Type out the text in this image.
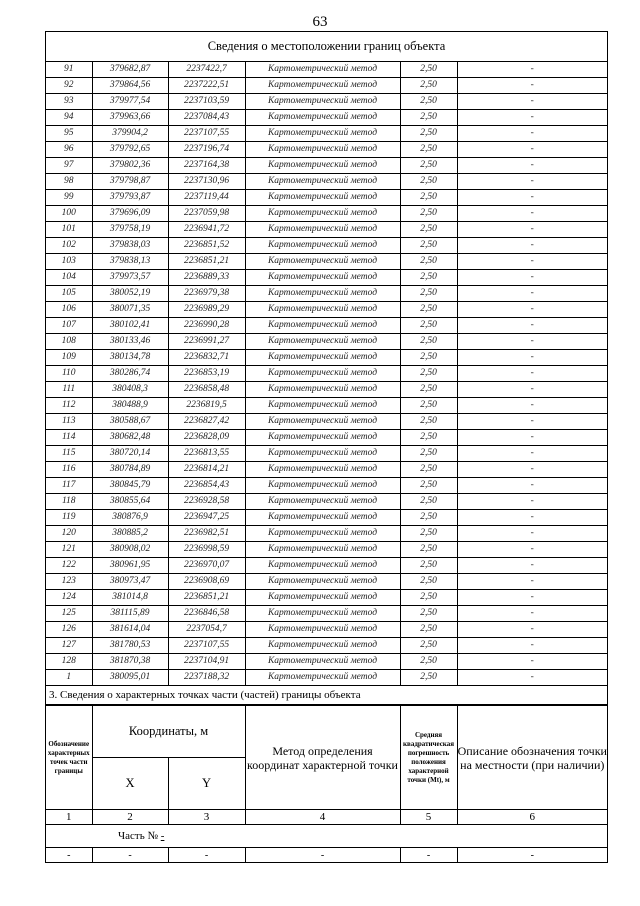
63
Сведения о местоположении границ объекта
91	379682,87	2237422,7	Картометрический метод	2,50	-
92	379864,56	2237222,51	Картометрический метод	2,50	-
93	379977,54	2237103,59	Картометрический метод	2,50	-
94	379963,66	2237084,43	Картометрический метод	2,50	-
95	379904,2	2237107,55	Картометрический метод	2,50	-
96	379792,65	2237196,74	Картометрический метод	2,50	-
97	379802,36	2237164,38	Картометрический метод	2,50	-
98	379798,87	2237130,96	Картометрический метод	2,50	-
99	379793,87	2237119,44	Картометрический метод	2,50	-
100	379696,09	2237059,98	Картометрический метод	2,50	-
101	379758,19	2236941,72	Картометрический метод	2,50	-
102	379838,03	2236851,52	Картометрический метод	2,50	-
103	379838,13	2236851,21	Картометрический метод	2,50	-
104	379973,57	2236889,33	Картометрический метод	2,50	-
105	380052,19	2236979,38	Картометрический метод	2,50	-
106	380071,35	2236989,29	Картометрический метод	2,50	-
107	380102,41	2236990,28	Картометрический метод	2,50	-
108	380133,46	2236991,27	Картометрический метод	2,50	-
109	380134,78	2236832,71	Картометрический метод	2,50	-
110	380286,74	2236853,19	Картометрический метод	2,50	-
111	380408,3	2236858,48	Картометрический метод	2,50	-
112	380488,9	2236819,5	Картометрический метод	2,50	-
113	380588,67	2236827,42	Картометрический метод	2,50	-
114	380682,48	2236828,09	Картометрический метод	2,50	-
115	380720,14	2236813,55	Картометрический метод	2,50	-
116	380784,89	2236814,21	Картометрический метод	2,50	-
117	380845,79	2236854,43	Картометрический метод	2,50	-
118	380855,64	2236928,58	Картометрический метод	2,50	-
119	380876,9	2236947,25	Картометрический метод	2,50	-
120	380885,2	2236982,51	Картометрический метод	2,50	-
121	380908,02	2236998,59	Картометрический метод	2,50	-
122	380961,95	2236970,07	Картометрический метод	2,50	-
123	380973,47	2236908,69	Картометрический метод	2,50	-
124	381014,8	2236851,21	Картометрический метод	2,50	-
125	381115,89	2236846,58	Картометрический метод	2,50	-
126	381614,04	2237054,7	Картометрический метод	2,50	-
127	381780,53	2237107,55	Картометрический метод	2,50	-
128	381870,38	2237104,91	Картометрический метод	2,50	-
1	380095,01	2237188,32	Картометрический метод	2,50	-
3. Сведения о характерных точках части (частей) границы объекта
Обозначение характерных точек части границы	Координаты, м		Метод определения координат характерной точки	Средняя квадратическая погрешность положения характерной точки (Мt), м	Описание обозначения точки на местности (при наличии)
	X	Y			
1	2	3	4	5	6
Часть № -					
-	-	-	-	-	-
